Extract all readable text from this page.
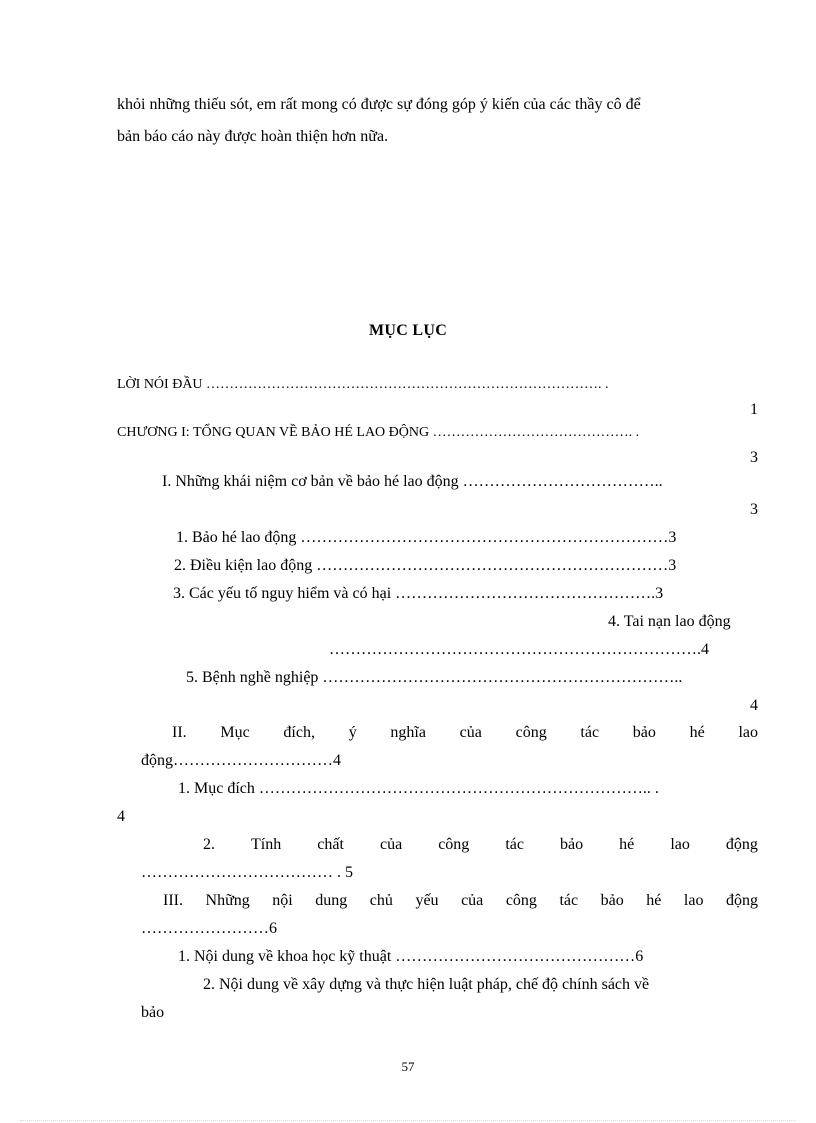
khỏi những thiếu sót, em rất mong có được sự đóng góp ý kiến của các thầy cô để
bản báo cáo này được hoàn thiện hơn nữa.
MỤC LỤC
LỜI NÓI ĐẦU …………………………………………………………………………. .
1
CHƯƠNG I: TỔNG QUAN VỀ BẢO HÉ LAO ĐỘNG ……………………………………. .
3
I. Những khái niệm cơ bản về bảo hé lao động ………………………………..
3
1. Bảo hé lao động ……………………………………………………………3
2. Điều kiện lao động …………………………………………………………3
3. Các yếu tố nguy hiểm và có hại ………………………………………….3
4. Tai nạn lao động
…………………………………………………………….4
5. Bệnh nghề nghiệp …………………………………………………………..
4
II. Mục đích, ý nghĩa của công tác bảo hé lao
động…………………………4
1. Mục đích ……………………………………………………………….. .
4
2. Tính chất của công tác bảo hé lao động
……………………………… . 5
III. Những nội dung chủ yếu của công tác bảo hé lao động
……………………6
1. Nội dung về khoa học kỹ thuật ………………………………………6
2. Nội dung về xây dựng và thực hiện luật pháp, chế độ chính sách về
bảo
57
